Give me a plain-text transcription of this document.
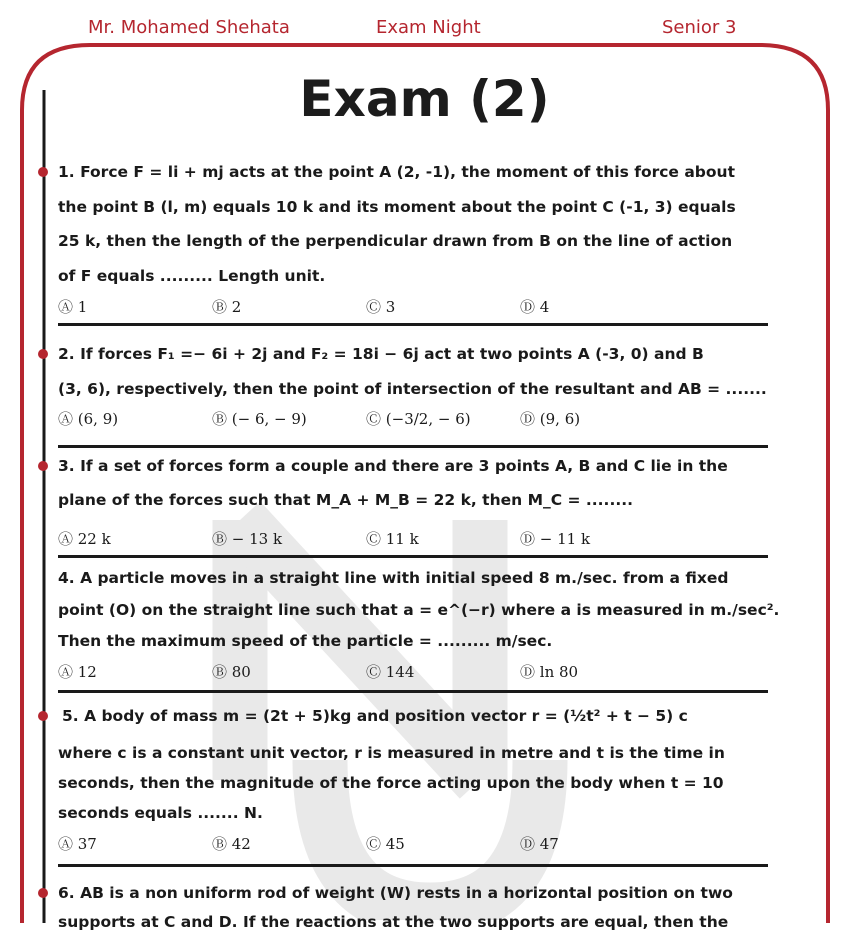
Mr. Mohamed Shehata	Exam Night	Senior 3
Exam (2)
1. Force F = li + mj acts at the point A (2, -1), the moment of this force about
the point B (l, m) equals 10 k and its moment about the point C (-1, 3) equals
25 k, then the length of the perpendicular drawn from B on the line of action
of F equals ......... Length unit.
Ⓐ 1	Ⓑ 2	Ⓒ 3	Ⓓ 4
2. If forces F₁ =− 6i + 2j and F₂ = 18i − 6j act at two points A (-3, 0) and B
(3, 6), respectively, then the point of intersection of the resultant and AB = .......
Ⓐ (6, 9)	Ⓑ (− 6, − 9)	Ⓒ (−3/2, − 6)	Ⓓ (9, 6)
3. If a set of forces form a couple and there are 3 points A, B and C lie in the
plane of the forces such that M_A + M_B = 22 k, then M_C = ........
Ⓐ 22 k	Ⓑ − 13 k	Ⓒ 11 k	Ⓓ − 11 k
4. A particle moves in a straight line with initial speed 8 m./sec. from a fixed
point (O) on the straight line such that a = e^(−r) where a is measured in m./sec².
Then the maximum speed of the particle = ......... m/sec.
Ⓐ 12	Ⓑ 80	Ⓒ 144	Ⓓ ln 80
5. A body of mass m = (2t + 5)kg and position vector r = (½t² + t − 5) c
where c is a constant unit vector, r is measured in metre and t is the time in
seconds, then the magnitude of the force acting upon the body when t = 10
seconds equals ....... N.
Ⓐ 37	Ⓑ 42	Ⓒ 45	Ⓓ 47
6. AB is a non uniform rod of weight (W) rests in a horizontal position on two
supports at C and D. If the reactions at the two supports are equal, then the
